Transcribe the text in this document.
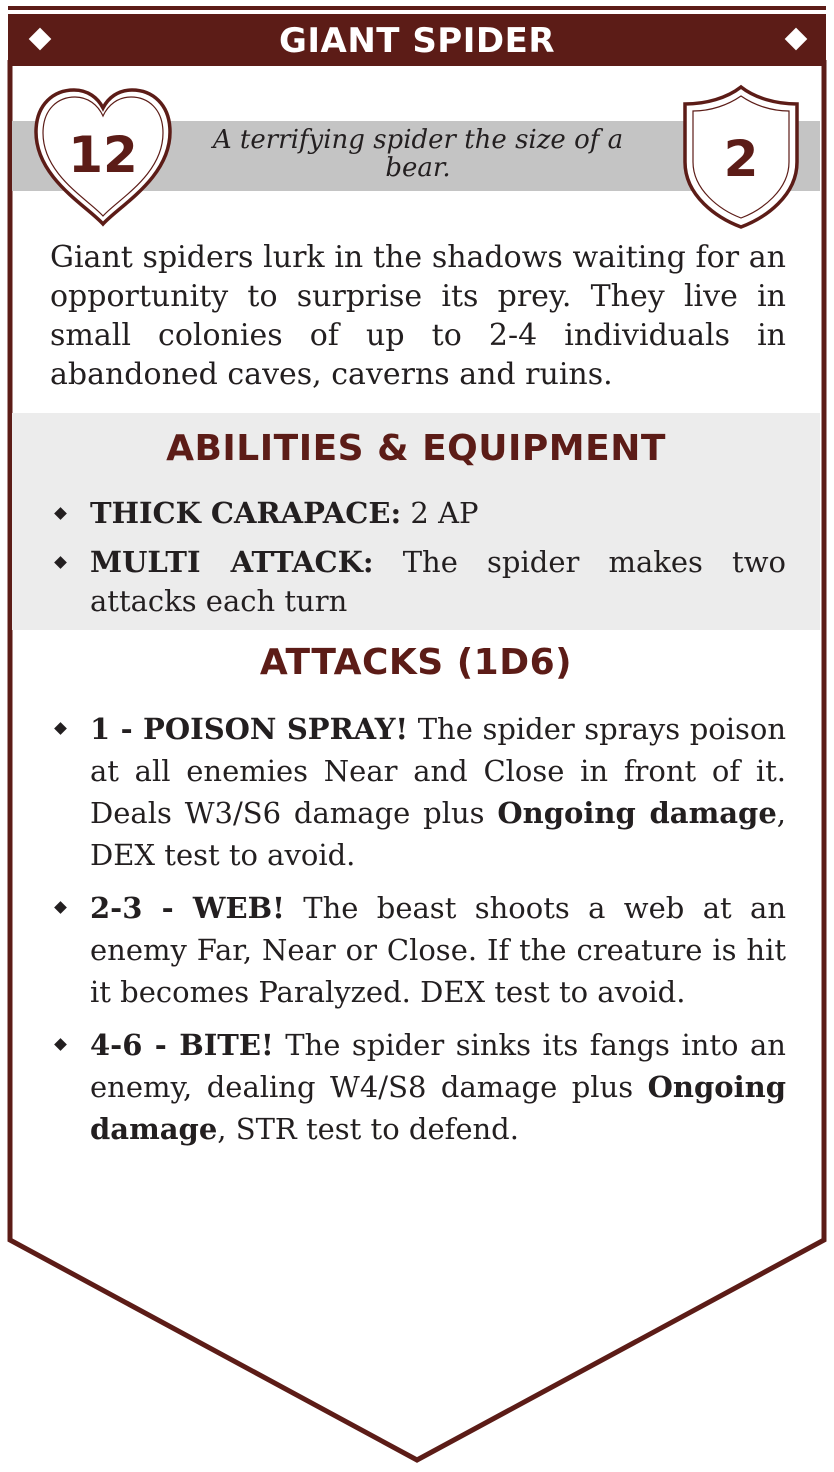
GIANT SPIDER
A terrifying spider the size of a bear.
12	2

Giant spiders lurk in the shadows waiting for an opportunity to surprise its prey. They live in small colonies of up to 2-4 individuals in abandoned caves, caverns and ruins.

ABILITIES & EQUIPMENT
THICK CARAPACE: 2 AP
MULTI ATTACK: The spider makes two attacks each turn
ATTACKS (1D6)
1 - POISON SPRAY! The spider sprays poison at all enemies Near and Close in front of it. Deals W3/S6 damage plus Ongoing damage, DEX test to avoid.
2-3 - WEB! The beast shoots a web at an enemy Far, Near or Close. If the creature is hit it becomes Paralyzed. DEX test to avoid.
4-6 - BITE! The spider sinks its fangs into an enemy, dealing W4/S8 damage plus Ongoing damage, STR test to defend.
